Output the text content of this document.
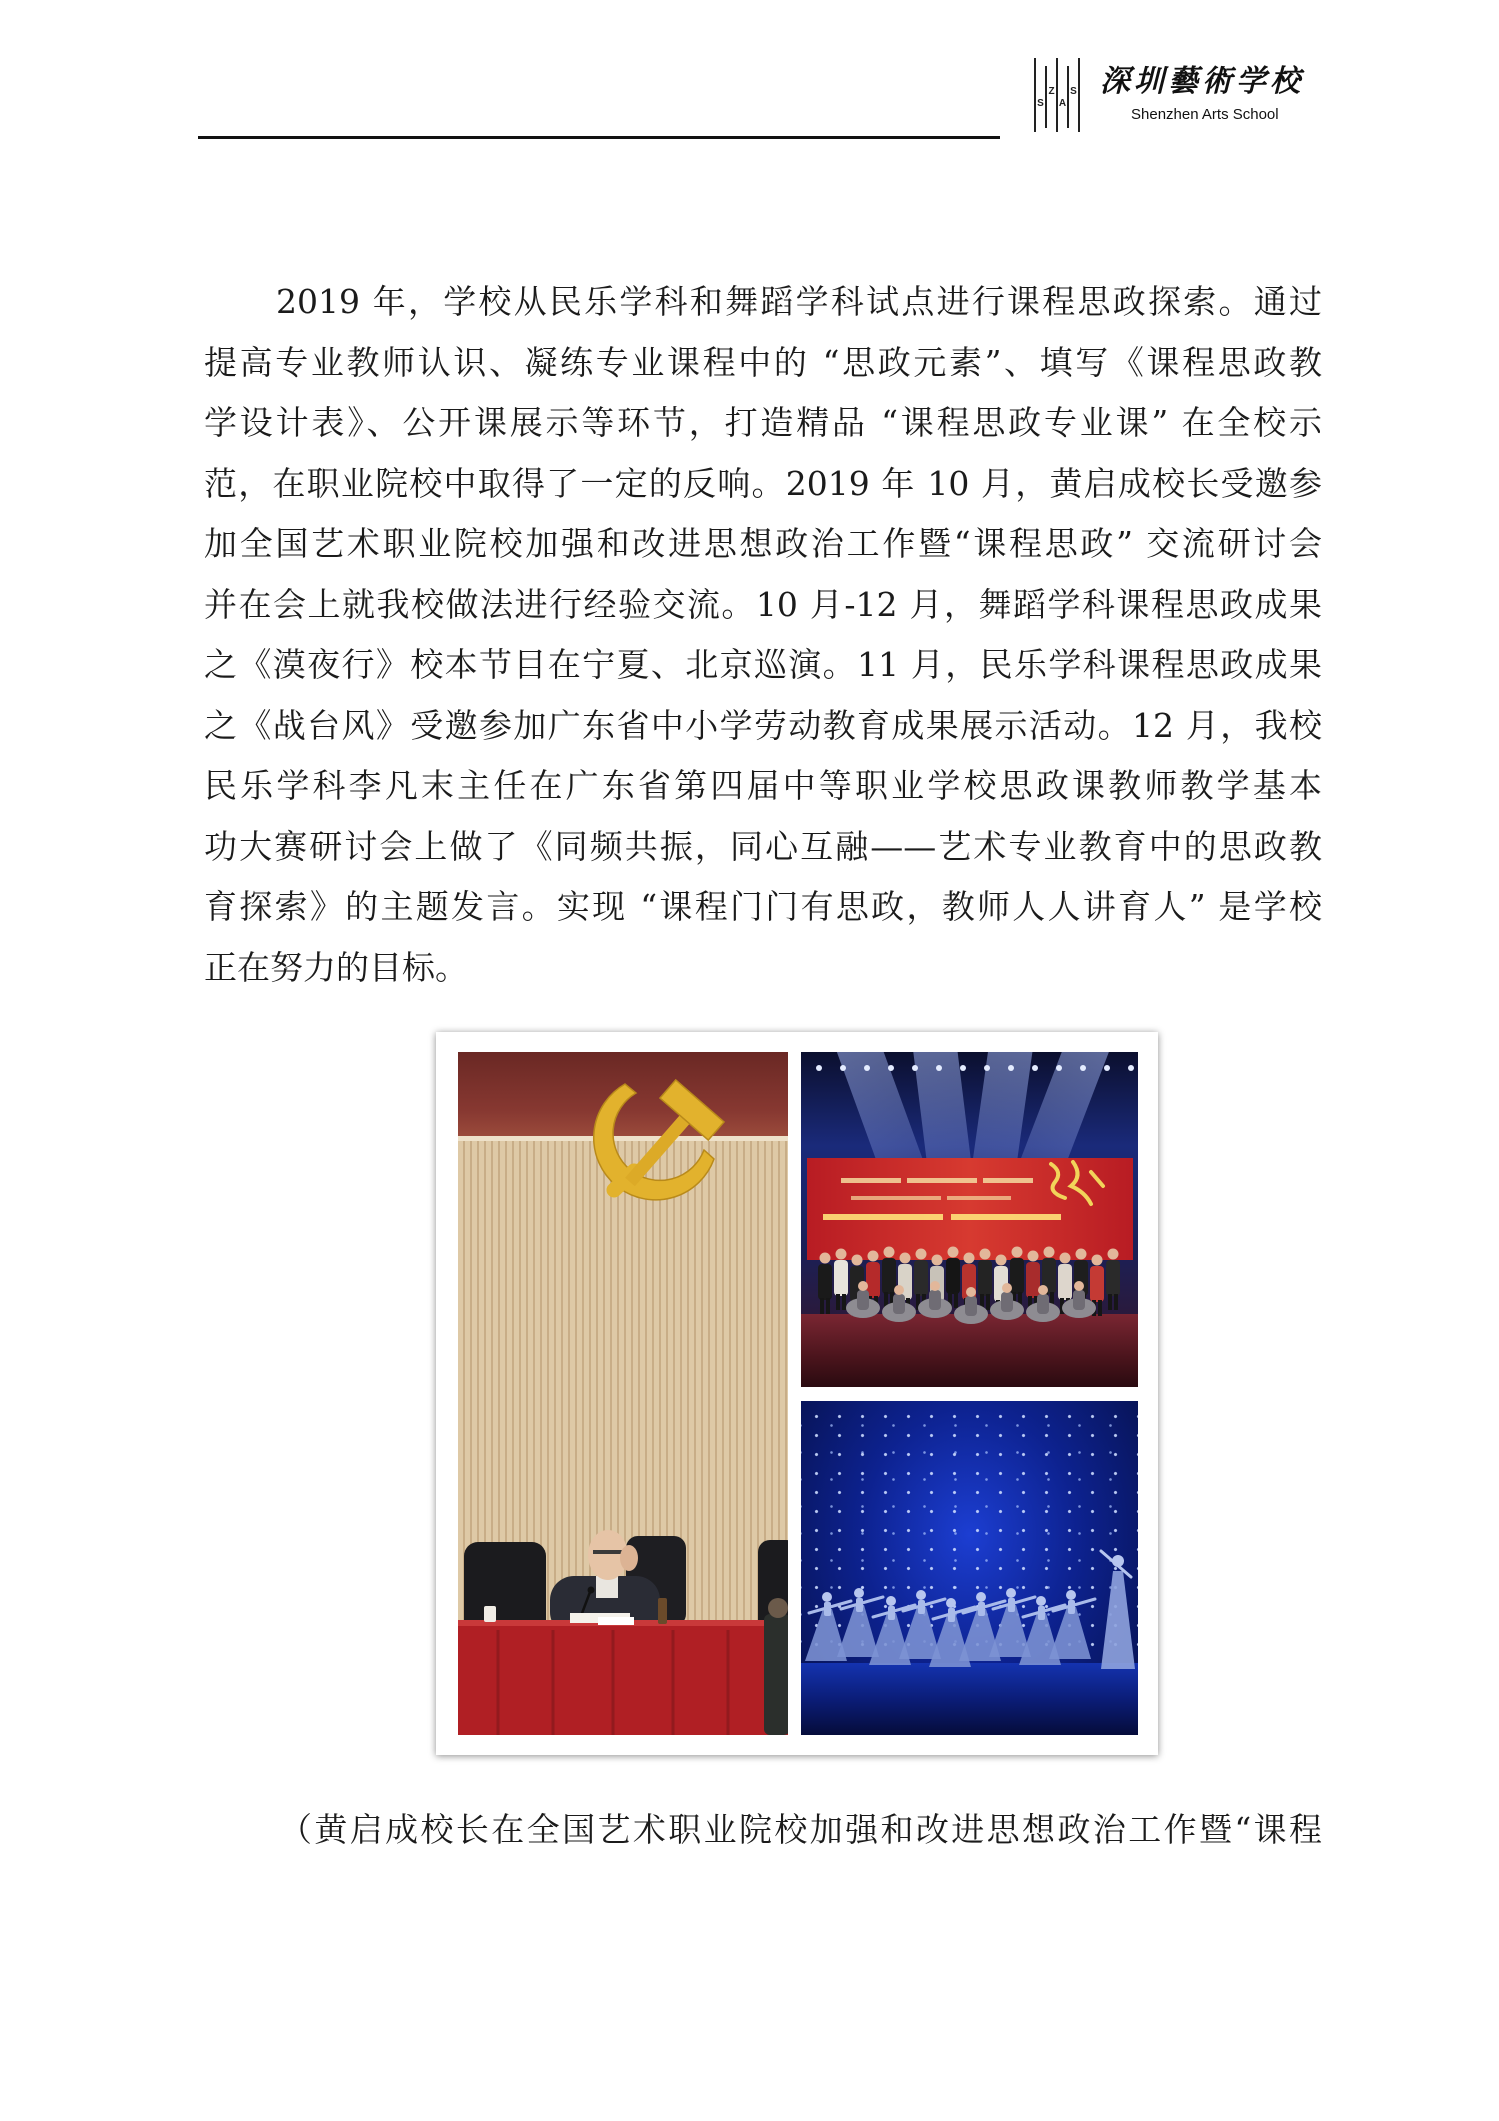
S
Z
A
S 深圳藝術学校
Shenzhen Arts School
2019 年，学校从民乐学科和舞蹈学科试点进行课程思政探索。通过
提高专业教师认识、凝练专业课程中的 “思政元素”、填写《课程思政教
学设计表》、公开课展示等环节，打造精品 “课程思政专业课” 在全校示
范，在职业院校中取得了一定的反响。2019 年 10 月，黄启成校长受邀参
加全国艺术职业院校加强和改进思想政治工作暨“课程思政” 交流研讨会
并在会上就我校做法进行经验交流。10 月-12 月，舞蹈学科课程思政成果
之《漠夜行》校本节目在宁夏、北京巡演。11 月，民乐学科课程思政成果
之《战台风》受邀参加广东省中小学劳动教育成果展示活动。12 月，我校
民乐学科李凡末主任在广东省第四届中等职业学校思政课教师教学基本
功大赛研讨会上做了《同频共振，同心互融——艺术专业教育中的思政教
育探索》的主题发言。实现 “课程门门有思政，教师人人讲育人” 是学校
正在努力的目标。
（黄启成校长在全国艺术职业院校加强和改进思想政治工作暨“课程
